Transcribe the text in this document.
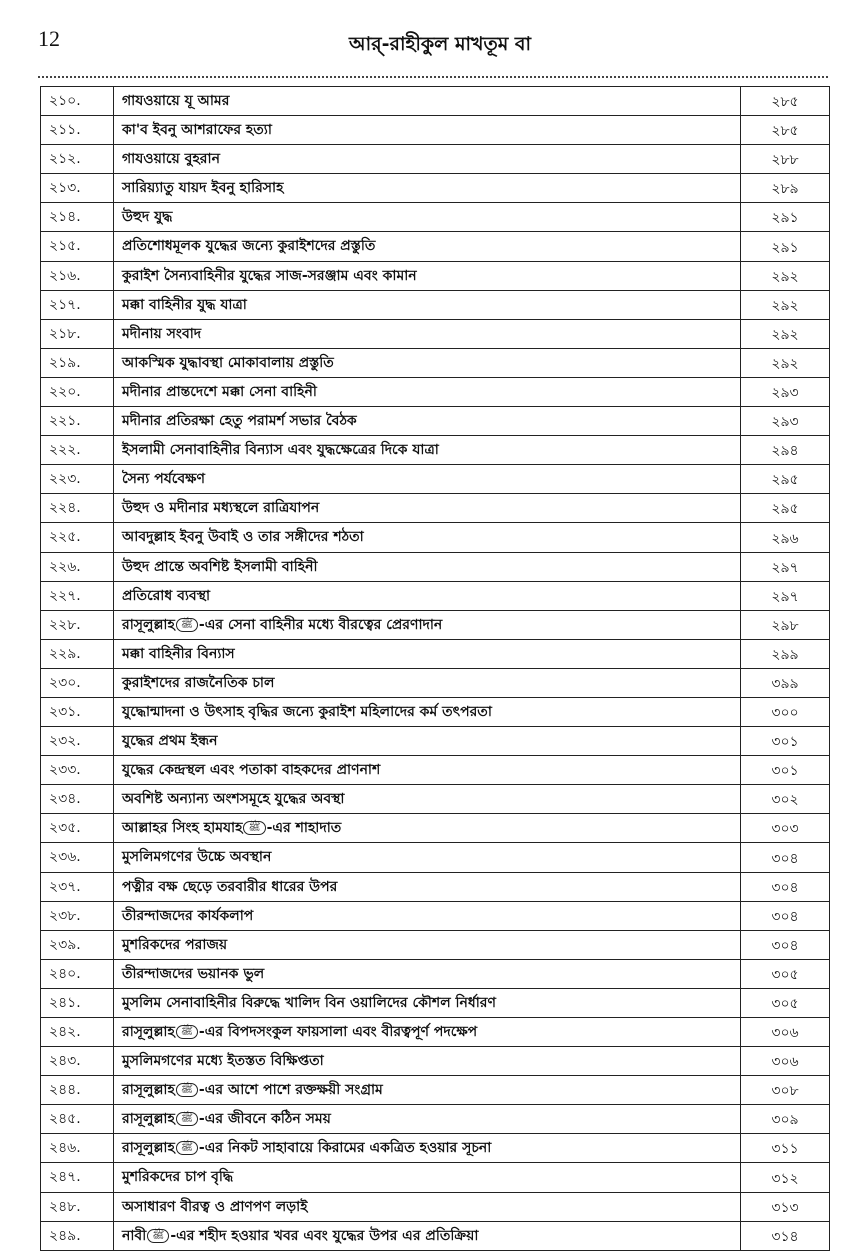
12	আর্-রাহীকুল মাখতূম বা
২১০.	গাযওয়ায়ে যূ আমর	২৮৫
২১১.	কা'ব ইবনু আশরাফের হত্যা	২৮৫
২১২.	গাযওয়ায়ে বুহরান	২৮৮
২১৩.	সারিয়্যাতু যায়দ ইবনু হারিসাহ	২৮৯
২১৪.	উহুদ যুদ্ধ	২৯১
২১৫.	প্রতিশোধমূলক যুদ্ধের জন্যে কুরাইশদের প্রস্তুতি	২৯১
২১৬.	কুরাইশ সৈন্যবাহিনীর যুদ্ধের সাজ-সরঞ্জাম এবং কামান	২৯২
২১৭.	মক্কা বাহিনীর যুদ্ধ যাত্রা	২৯২
২১৮.	মদীনায় সংবাদ	২৯২
২১৯.	আকস্মিক যুদ্ধাবস্থা মোকাবালায় প্রস্তুতি	২৯২
২২০.	মদীনার প্রান্তদেশে মক্কা সেনা বাহিনী	২৯৩
২২১.	মদীনার প্রতিরক্ষা হেতু পরামর্শ সভার বৈঠক	২৯৩
২২২.	ইসলামী সেনাবাহিনীর বিন্যাস এবং যুদ্ধক্ষেত্রের দিকে যাত্রা	২৯৪
২২৩.	সৈন্য পর্যবেক্ষণ	২৯৫
২২৪.	উহুদ ও মদীনার মধ্যস্থলে রাত্রিযাপন	২৯৫
২২৫.	আবদুল্লাহ ইবনু উবাই ও তার সঙ্গীদের শঠতা	২৯৬
২২৬.	উহুদ প্রান্তে অবশিষ্ট ইসলামী বাহিনী	২৯৭
২২৭.	প্রতিরোধ ব্যবস্থা	২৯৭
২২৮.	রাসূলুল্লাহ ﷺ -এর সেনা বাহিনীর মধ্যে বীরত্বের প্রেরণাদান	২৯৮
২২৯.	মক্কা বাহিনীর বিন্যাস	২৯৯
২৩০.	কুরাইশদের রাজনৈতিক চাল	৩৯৯
২৩১.	যুদ্ধোন্মাদনা ও উৎসাহ বৃদ্ধির জন্যে কুরাইশ মহিলাদের কর্ম তৎপরতা	৩০০
২৩২.	যুদ্ধের প্রথম ইন্ধন	৩০১
২৩৩.	যুদ্ধের কেন্দ্রস্থল এবং পতাকা বাহকদের প্রাণনাশ	৩০১
২৩৪.	অবশিষ্ট অন্যান্য অংশসমূহে যুদ্ধের অবস্থা	৩০২
২৩৫.	আল্লাহর সিংহ হামযাহ ﷺ -এর শাহাদাত	৩০৩
২৩৬.	মুসলিমগণের উচ্চে অবস্থান	৩০৪
২৩৭.	পত্নীর বক্ষ ছেড়ে তরবারীর ধারের উপর	৩০৪
২৩৮.	তীরন্দাজদের কার্যকলাপ	৩০৪
২৩৯.	মুশরিকদের পরাজয়	৩০৪
২৪০.	তীরন্দাজদের ভয়ানক ভুল	৩০৫
২৪১.	মুসলিম সেনাবাহিনীর বিরুদ্ধে খালিদ বিন ওয়ালিদের কৌশল নির্ধারণ	৩০৫
২৪২.	রাসূলুল্লাহ ﷺ -এর বিপদসংকুল ফায়সালা এবং বীরত্বপূর্ণ পদক্ষেপ	৩০৬
২৪৩.	মুসলিমগণের মধ্যে ইতস্তত বিক্ষিপ্ততা	৩০৬
২৪৪.	রাসূলুল্লাহ ﷺ -এর আশে পাশে রক্তক্ষয়ী সংগ্রাম	৩০৮
২৪৫.	রাসূলুল্লাহ ﷺ -এর জীবনে কঠিন সময়	৩০৯
২৪৬.	রাসূলুল্লাহ ﷺ -এর নিকট সাহাবায়ে কিরামের একত্রিত হওয়ার সূচনা	৩১১
২৪৭.	মুশরিকদের চাপ বৃদ্ধি	৩১২
২৪৮.	অসাধারণ বীরত্ব ও প্রাণপণ লড়াই	৩১৩
২৪৯.	নাবী ﷺ -এর শহীদ হওয়ার খবর এবং যুদ্ধের উপর এর প্রতিক্রিয়া	৩১৪
